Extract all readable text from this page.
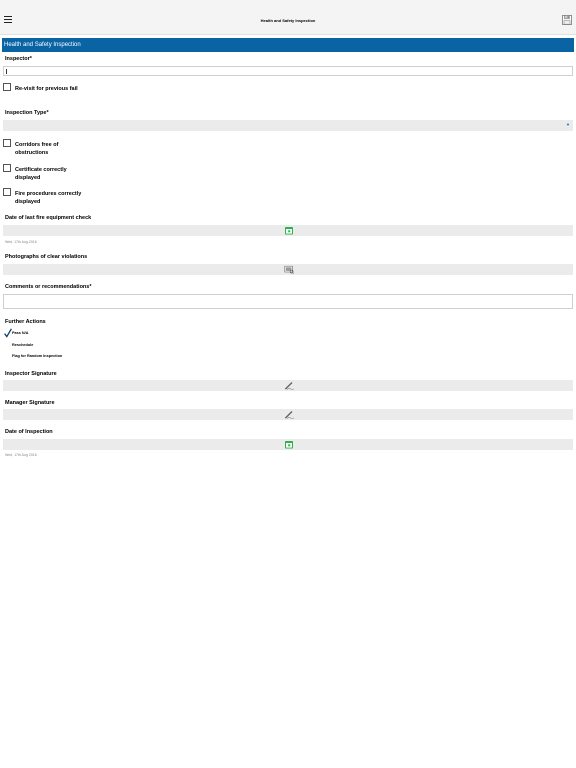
Health and Safety Inspection
Health and Safety Inspection
Inspector*
Re-visit for previous fail
Inspection Type*
▼
Corridors free of obstructions
Certificate correctly displayed
Fire procedures correctly displayed
Date of last fire equipment check
Wed, 17th Aug 2016
Photographs of clear violations
Comments or recommendations*
Further Actions
Pass N/A
Reschedule
Flag for Random Inspection
Inspector Signature
Manager Signature
Date of Inspection
Wed, 17th Aug 2016
